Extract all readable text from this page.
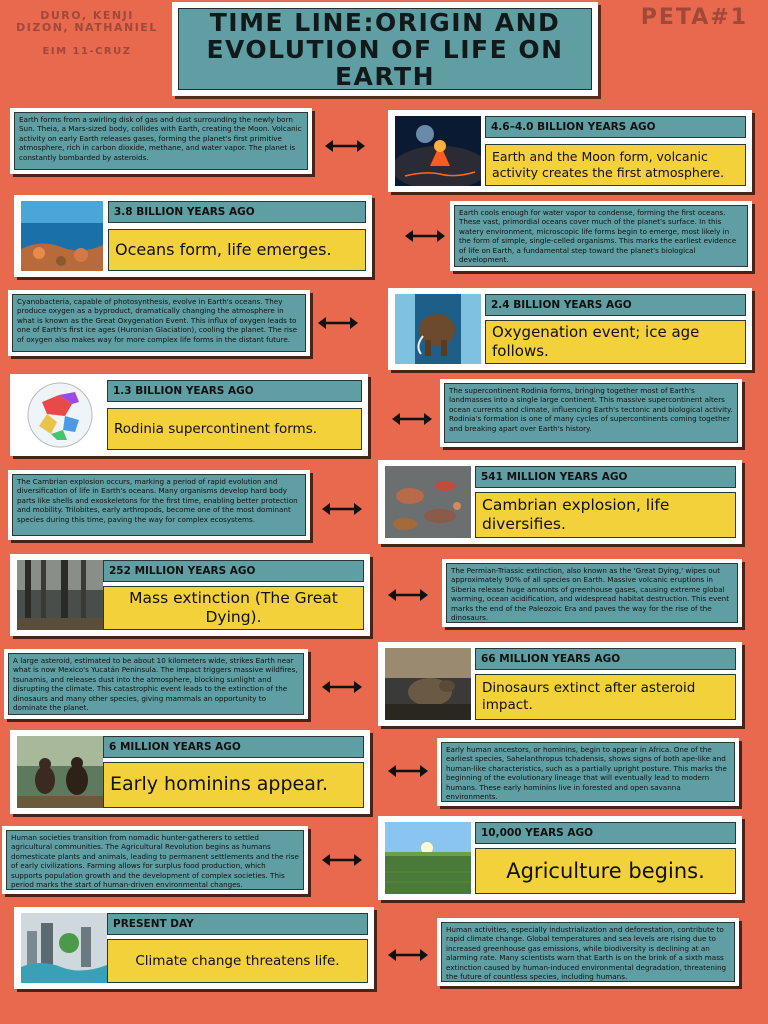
DURO, KENJI
DIZON, NATHANIEL
EIM 11-CRUZ
PETA#1
TIME LINE:ORIGIN AND EVOLUTION OF LIFE ON EARTH
Earth forms from a swirling disk of gas and dust surrounding the newly born Sun. Theia, a Mars-sized body, collides with Earth, creating the Moon. Volcanic activity on early Earth releases gases, forming the planet's first primitive atmosphere, rich in carbon dioxide, methane, and water vapor. The planet is constantly bombarded by asteroids.
4.6–4.0 BILLION YEARS AGO
Earth and the Moon form, volcanic activity creates the first atmosphere.
3.8 BILLION YEARS AGO
Oceans form, life emerges.
Earth cools enough for water vapor to condense, forming the first oceans. These vast, primordial oceans cover much of the planet's surface. In this watery environment, microscopic life forms begin to emerge, most likely in the form of simple, single-celled organisms. This marks the earliest evidence of life on Earth, a fundamental step toward the planet's biological development.
Cyanobacteria, capable of photosynthesis, evolve in Earth's oceans. They produce oxygen as a byproduct, dramatically changing the atmosphere in what is known as the Great Oxygenation Event. This influx of oxygen leads to one of Earth's first ice ages (Huronian Glaciation), cooling the planet. The rise of oxygen also makes way for more complex life forms in the distant future.
2.4 BILLION YEARS AGO
Oxygenation event; ice age follows.
1.3 BILLION YEARS AGO
Rodinia supercontinent forms.
The supercontinent Rodinia forms, bringing together most of Earth's landmasses into a single large continent. This massive supercontinent alters ocean currents and climate, influencing Earth's tectonic and biological activity. Rodinia's formation is one of many cycles of supercontinents coming together and breaking apart over Earth's history.
The Cambrian explosion occurs, marking a period of rapid evolution and diversification of life in Earth's oceans. Many organisms develop hard body parts like shells and exoskeletons for the first time, enabling better protection and mobility. Trilobites, early arthropods, become one of the most dominant species during this time, paving the way for complex ecosystems.
541 MILLION YEARS AGO
Cambrian explosion, life diversifies.
252 MILLION YEARS AGO
Mass extinction (The Great Dying).
The Permian-Triassic extinction, also known as the 'Great Dying,' wipes out approximately 90% of all species on Earth. Massive volcanic eruptions in Siberia release huge amounts of greenhouse gases, causing extreme global warming, ocean acidification, and widespread habitat destruction. This event marks the end of the Paleozoic Era and paves the way for the rise of the dinosaurs.
A large asteroid, estimated to be about 10 kilometers wide, strikes Earth near what is now Mexico's Yucatán Peninsula. The impact triggers massive wildfires, tsunamis, and releases dust into the atmosphere, blocking sunlight and disrupting the climate. This catastrophic event leads to the extinction of the dinosaurs and many other species, giving mammals an opportunity to dominate the planet.
66 MILLION YEARS AGO
Dinosaurs extinct after asteroid impact.
6 MILLION YEARS AGO
Early hominins appear.
Early human ancestors, or hominins, begin to appear in Africa. One of the earliest species, Sahelanthropus tchadensis, shows signs of both ape-like and human-like characteristics, such as a partially upright posture. This marks the beginning of the evolutionary lineage that will eventually lead to modern humans. These early hominins live in forested and open savanna environments.
Human societies transition from nomadic hunter-gatherers to settled agricultural communities. The Agricultural Revolution begins as humans domesticate plants and animals, leading to permanent settlements and the rise of early civilizations. Farming allows for surplus food production, which supports population growth and the development of complex societies. This period marks the start of human-driven environmental changes.
10,000 YEARS AGO
Agriculture begins.
PRESENT DAY
Climate change threatens life.
Human activities, especially industrialization and deforestation, contribute to rapid climate change. Global temperatures and sea levels are rising due to increased greenhouse gas emissions, while biodiversity is declining at an alarming rate. Many scientists warn that Earth is on the brink of a sixth mass extinction caused by human-induced environmental degradation, threatening the future of countless species, including humans.
